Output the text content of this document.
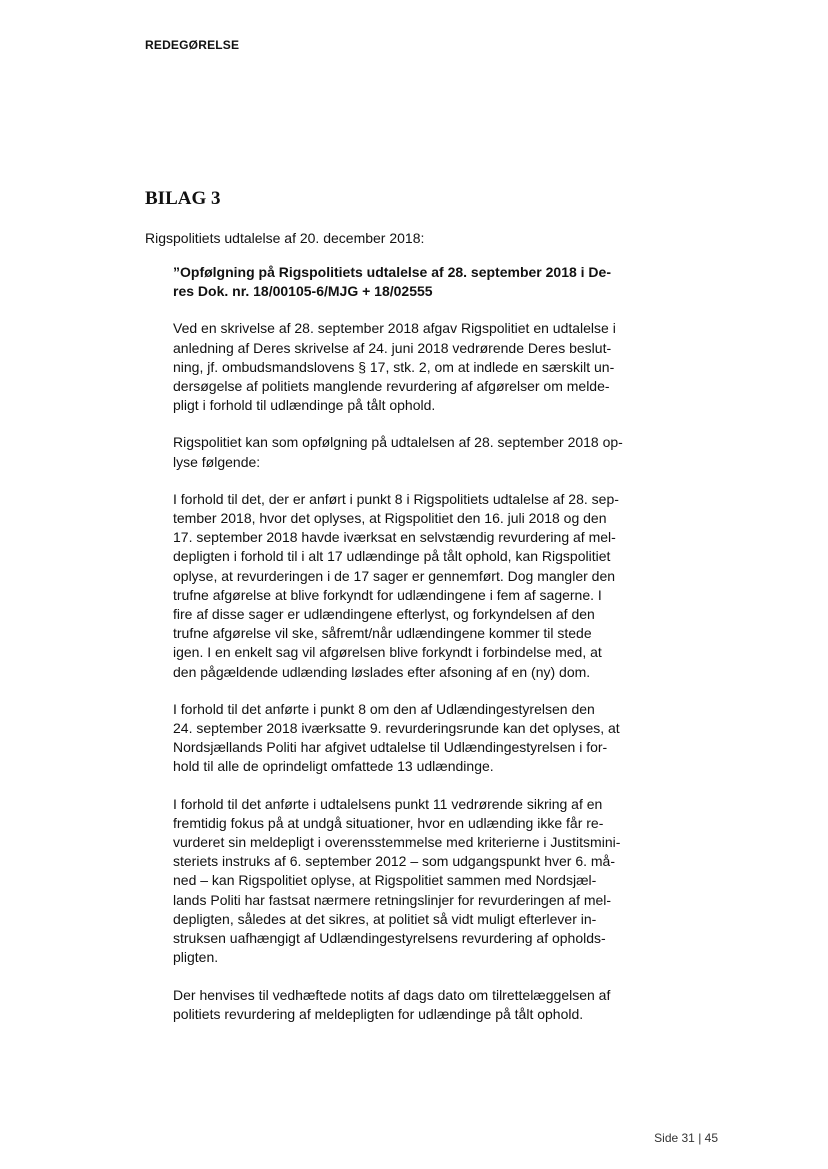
REDEGØRELSE
BILAG 3
Rigspolitiets udtalelse af 20. december 2018:
”Opfølgning på Rigspolitiets udtalelse af 28. september 2018 i De-
res Dok. nr. 18/00105-6/MJG + 18/02555

Ved en skrivelse af 28. september 2018 afgav Rigspolitiet en udtalelse i
anledning af Deres skrivelse af 24. juni 2018 vedrørende Deres beslut-
ning, jf. ombudsmandslovens § 17, stk. 2, om at indlede en særskilt un-
dersøgelse af politiets manglende revurdering af afgørelser om melde-
pligt i forhold til udlændinge på tålt ophold.

Rigspolitiet kan som opfølgning på udtalelsen af 28. september 2018 op-
lyse følgende:

I forhold til det, der er anført i punkt 8 i Rigspolitiets udtalelse af 28. sep-
tember 2018, hvor det oplyses, at Rigspolitiet den 16. juli 2018 og den
17. september 2018 havde iværksat en selvstændig revurdering af mel-
depligten i forhold til i alt 17 udlændinge på tålt ophold, kan Rigspolitiet
oplyse, at revurderingen i de 17 sager er gennemført. Dog mangler den
trufne afgørelse at blive forkyndt for udlændingene i fem af sagerne. I
fire af disse sager er udlændingene efterlyst, og forkyndelsen af den
trufne afgørelse vil ske, såfremt/når udlændingene kommer til stede
igen. I en enkelt sag vil afgørelsen blive forkyndt i forbindelse med, at
den pågældende udlænding løslades efter afsoning af en (ny) dom.

I forhold til det anførte i punkt 8 om den af Udlændingestyrelsen den
24. september 2018 iværksatte 9. revurderingsrunde kan det oplyses, at
Nordsjællands Politi har afgivet udtalelse til Udlændingestyrelsen i for-
hold til alle de oprindeligt omfattede 13 udlændinge.

I forhold til det anførte i udtalelsens punkt 11 vedrørende sikring af en
fremtidig fokus på at undgå situationer, hvor en udlænding ikke får re-
vurderet sin meldepligt i overensstemmelse med kriterierne i Justitsmini-
steriets instruks af 6. september 2012 – som udgangspunkt hver 6. må-
ned – kan Rigspolitiet oplyse, at Rigspolitiet sammen med Nordsjæl-
lands Politi har fastsat nærmere retningslinjer for revurderingen af mel-
depligten, således at det sikres, at politiet så vidt muligt efterlever in-
struksen uafhængigt af Udlændingestyrelsens revurdering af opholds-
pligten.

Der henvises til vedhæftede notits af dags dato om tilrettelæggelsen af
politiets revurdering af meldepligten for udlændinge på tålt ophold.

Side 31 | 45
